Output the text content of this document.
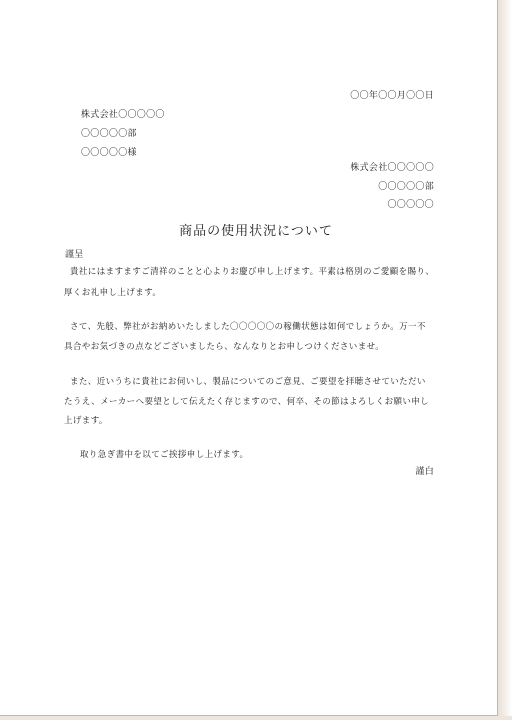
〇〇年〇〇月〇〇日
株式会社〇〇〇〇〇
〇〇〇〇〇部
〇〇〇〇〇様
株式会社〇〇〇〇〇
〇〇〇〇〇部
〇〇〇〇〇
商品の使用状況について
謹呈
貴社にはますますご清祥のことと心よりお慶び申し上げます。平素は格別のご愛顧を賜り、
厚くお礼申し上げます。
さて、先般、弊社がお納めいたしました〇〇〇〇〇の稼働状態は如何でしょうか。万一不
具合やお気づきの点などございましたら、なんなりとお申しつけくださいませ。
また、近いうちに貴社にお伺いし、製品についてのご意見、ご要望を拝聴させていただい
たうえ、メーカーへ要望として伝えたく存じますので、何卒、その節はよろしくお願い申し
上げます。
取り急ぎ書中を以てご挨拶申し上げます。
謹白
